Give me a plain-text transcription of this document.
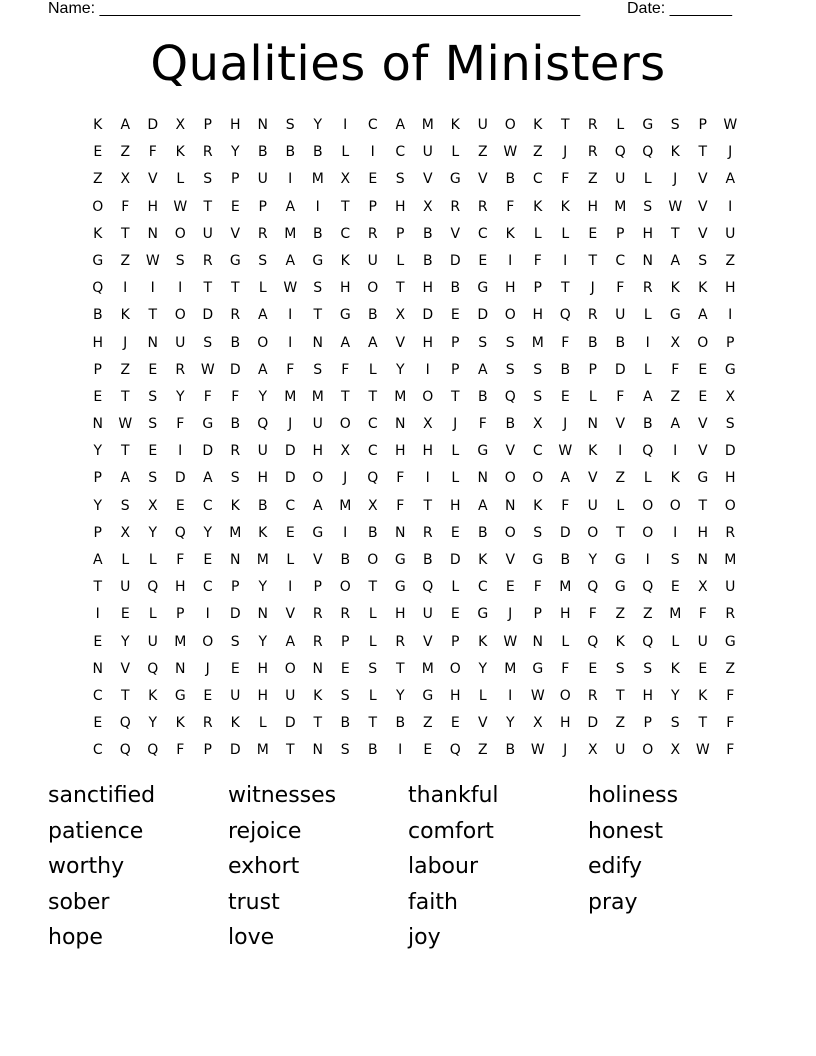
Name: ______________________________________________________	Date: _______
Qualities of Ministers
K	A	D	X	P	H	N	S	Y	I	C	A	M	K	U	O	K	T	R	L	G	S	P	W
E	Z	F	K	R	Y	B	B	B	L	I	C	U	L	Z	W	Z	J	R	Q	Q	K	T	J
Z	X	V	L	S	P	U	I	M	X	E	S	V	G	V	B	C	F	Z	U	L	J	V	A
O	F	H	W	T	E	P	A	I	T	P	H	X	R	R	F	K	K	H	M	S	W	V	I
K	T	N	O	U	V	R	M	B	C	R	P	B	V	C	K	L	L	E	P	H	T	V	U
G	Z	W	S	R	G	S	A	G	K	U	L	B	D	E	I	F	I	T	C	N	A	S	Z
Q	I	I	I	T	T	L	W	S	H	O	T	H	B	G	H	P	T	J	F	R	K	K	H
B	K	T	O	D	R	A	I	T	G	B	X	D	E	D	O	H	Q	R	U	L	G	A	I
H	J	N	U	S	B	O	I	N	A	A	V	H	P	S	S	M	F	B	B	I	X	O	P
P	Z	E	R	W	D	A	F	S	F	L	Y	I	P	A	S	S	B	P	D	L	F	E	G
E	T	S	Y	F	F	Y	M	M	T	T	M	O	T	B	Q	S	E	L	F	A	Z	E	X
N	W	S	F	G	B	Q	J	U	O	C	N	X	J	F	B	X	J	N	V	B	A	V	S
Y	T	E	I	D	R	U	D	H	X	C	H	H	L	G	V	C	W	K	I	Q	I	V	D
P	A	S	D	A	S	H	D	O	J	Q	F	I	L	N	O	O	A	V	Z	L	K	G	H
Y	S	X	E	C	K	B	C	A	M	X	F	T	H	A	N	K	F	U	L	O	O	T	O
P	X	Y	Q	Y	M	K	E	G	I	B	N	R	E	B	O	S	D	O	T	O	I	H	R
A	L	L	F	E	N	M	L	V	B	O	G	B	D	K	V	G	B	Y	G	I	S	N	M
T	U	Q	H	C	P	Y	I	P	O	T	G	Q	L	C	E	F	M	Q	G	Q	E	X	U
I	E	L	P	I	D	N	V	R	R	L	H	U	E	G	J	P	H	F	Z	Z	M	F	R
E	Y	U	M	O	S	Y	A	R	P	L	R	V	P	K	W	N	L	Q	K	Q	L	U	G
N	V	Q	N	J	E	H	O	N	E	S	T	M	O	Y	M	G	F	E	S	S	K	E	Z
C	T	K	G	E	U	H	U	K	S	L	Y	G	H	L	I	W	O	R	T	H	Y	K	F
E	Q	Y	K	R	K	L	D	T	B	T	B	Z	E	V	Y	X	H	D	Z	P	S	T	F
C	Q	Q	F	P	D	M	T	N	S	B	I	E	Q	Z	B	W	J	X	U	O	X	W	F
sanctified	witnesses	thankful	holiness
patience	rejoice	comfort	honest
worthy	exhort	labour	edify
sober	trust	faith	pray
hope	love	joy
